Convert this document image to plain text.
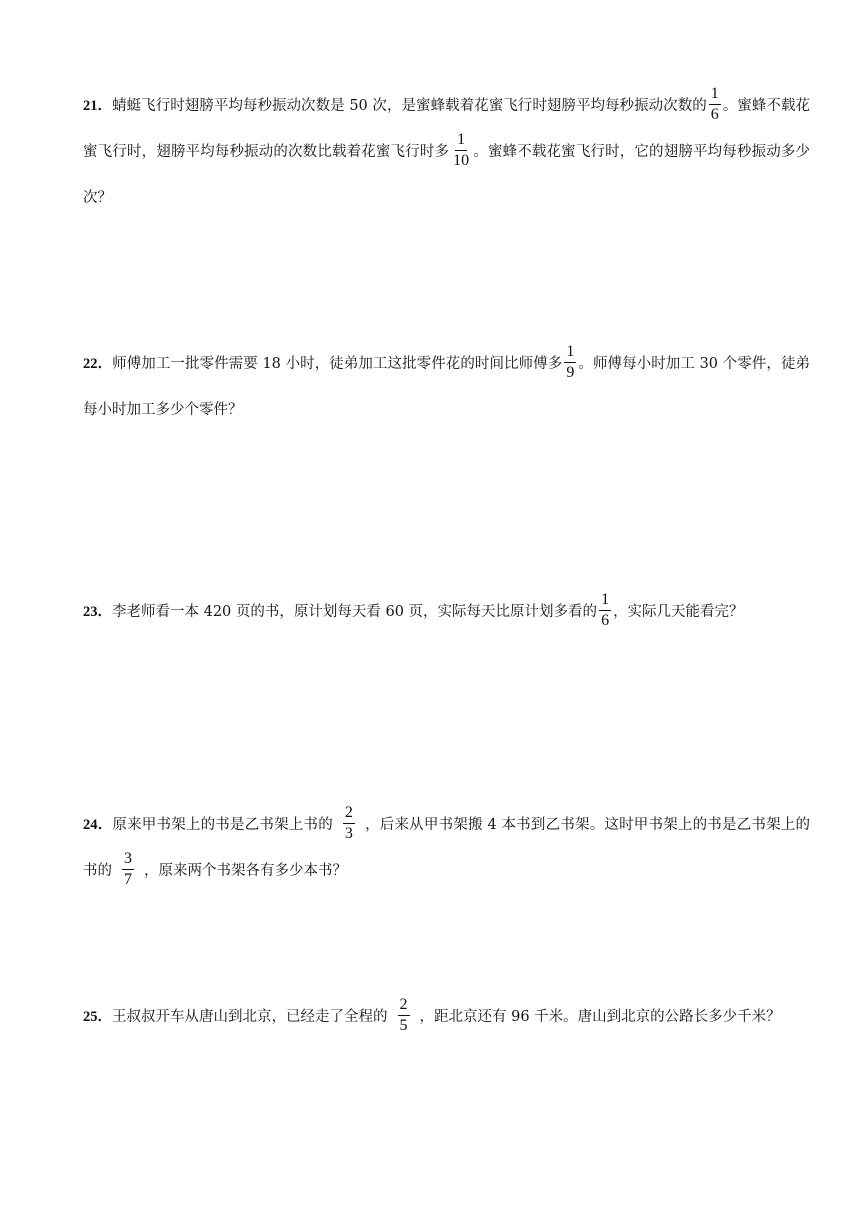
21．蜻蜓飞行时翅膀平均每秒振动次数是 50 次，是蜜蜂载着花蜜飞行时翅膀平均每秒振动次数的 $\frac{1}{6}$ 。蜜蜂不载花蜜飞行时，翅膀平均每秒振动的次数比载着花蜜飞行时多 $\frac{1}{10}$ 。蜜蜂不载花蜜飞行时，它的翅膀平均每秒振动多少次？
22．师傅加工一批零件需要 18 小时，徒弟加工这批零件花的时间比师傅多 $\frac{1}{9}$ 。师傅每小时加工 30 个零件，徒弟每小时加工多少个零件？
23．李老师看一本 420 页的书，原计划每天看 60 页，实际每天比原计划多看的 $\frac{1}{6}$ ，实际几天能看完？
24．原来甲书架上的书是乙书架上书的 $\frac{2}{3}$ ，后来从甲书架搬 4 本书到乙书架。这时甲书架上的书是乙书架上的书的 $\frac{3}{7}$ ，原来两个书架各有多少本书？
25．王叔叔开车从唐山到北京，已经走了全程的 $\frac{2}{5}$ ，距北京还有 96 千米。唐山到北京的公路长多少千米？
